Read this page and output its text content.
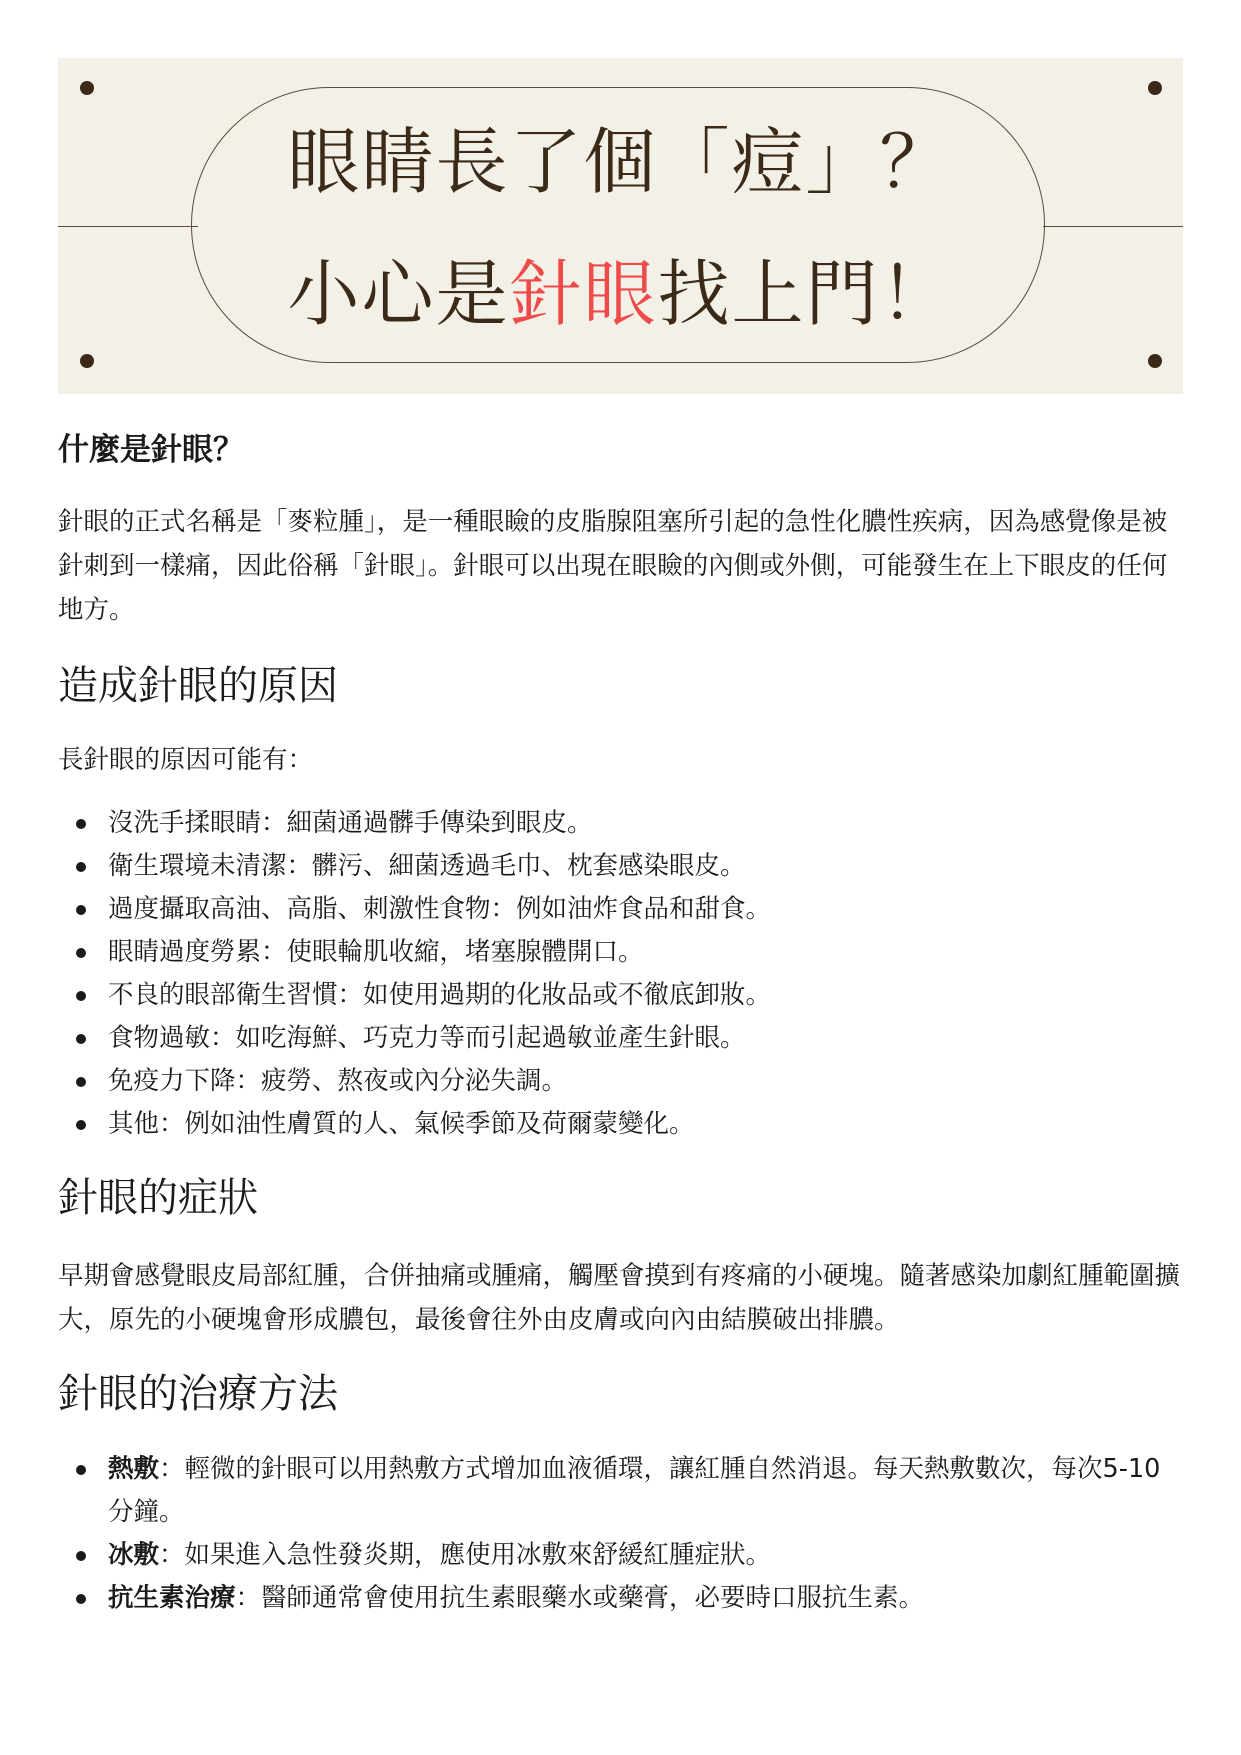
眼睛長了個「痘」？
小心是針眼找上門！
什麼是針眼？

針眼的正式名稱是「麥粒腫」，是一種眼瞼的皮脂腺阻塞所引起的急性化膿性疾病，因為感覺像是被針刺到一樣痛，因此俗稱「針眼」。針眼可以出現在眼瞼的內側或外側，可能發生在上下眼皮的任何地方。

造成針眼的原因

長針眼的原因可能有：

沒洗手揉眼睛：細菌通過髒手傳染到眼皮。
衛生環境未清潔：髒污、細菌透過毛巾、枕套感染眼皮。
過度攝取高油、高脂、刺激性食物：例如油炸食品和甜食。
眼睛過度勞累：使眼輪肌收縮，堵塞腺體開口。
不良的眼部衛生習慣：如使用過期的化妝品或不徹底卸妝。
食物過敏：如吃海鮮、巧克力等而引起過敏並產生針眼。
免疫力下降：疲勞、熬夜或內分泌失調。
其他：例如油性膚質的人、氣候季節及荷爾蒙變化。
針眼的症狀

早期會感覺眼皮局部紅腫，合併抽痛或腫痛，觸壓會摸到有疼痛的小硬塊。隨著感染加劇紅腫範圍擴大，原先的小硬塊會形成膿包，最後會往外由皮膚或向內由結膜破出排膿。

針眼的治療方法
熱敷：輕微的針眼可以用熱敷方式增加血液循環，讓紅腫自然消退。每天熱敷數次，每次5-10分鐘。
冰敷：如果進入急性發炎期，應使用冰敷來舒緩紅腫症狀。
抗生素治療：醫師通常會使用抗生素眼藥水或藥膏，必要時口服抗生素。
